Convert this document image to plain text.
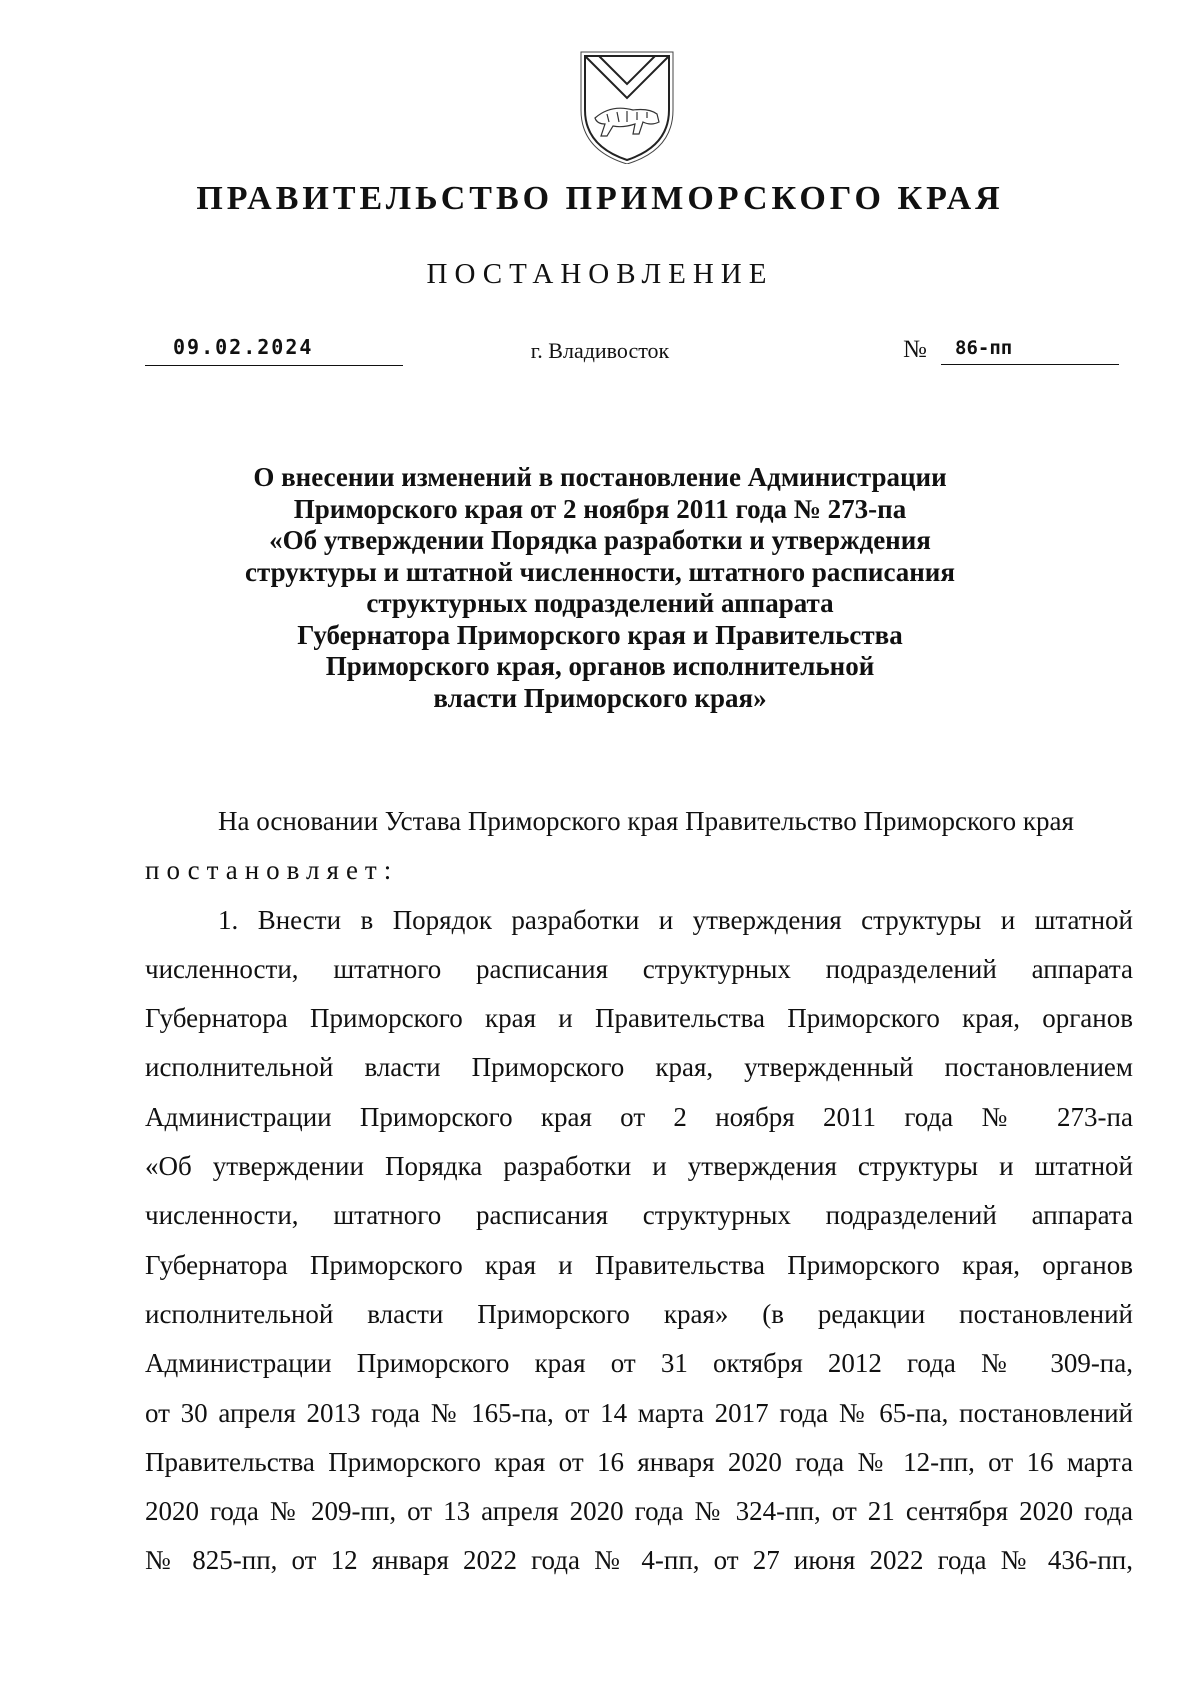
ПРАВИТЕЛЬСТВО ПРИМОРСКОГО КРАЯ
ПОСТАНОВЛЕНИЕ
09.02.2024	г. Владивосток	№ 86-пп
О внесении изменений в постановление Администрации
Приморского края от 2 ноября 2011 года № 273-па
«Об утверждении Порядка разработки и утверждения
структуры и штатной численности, штатного расписания
структурных подразделений аппарата
Губернатора Приморского края и Правительства
Приморского края, органов исполнительной
власти Приморского края»
На основании Устава Приморского края Правительство Приморского края
постановляет:
1. Внести в Порядок разработки и утверждения структуры и штатной
численности, штатного расписания структурных подразделений аппарата
Губернатора Приморского края и Правительства Приморского края, органов
исполнительной власти Приморского края, утвержденный постановлением
Администрации Приморского края от 2 ноября 2011 года № 273-па
«Об утверждении Порядка разработки и утверждения структуры и штатной
численности, штатного расписания структурных подразделений аппарата
Губернатора Приморского края и Правительства Приморского края, органов
исполнительной власти Приморского края» (в редакции постановлений
Администрации Приморского края от 31 октября 2012 года № 309-па,
от 30 апреля 2013 года № 165-па, от 14 марта 2017 года № 65-па, постановлений
Правительства Приморского края от 16 января 2020 года № 12-пп, от 16 марта
2020 года № 209-пп, от 13 апреля 2020 года № 324-пп, от 21 сентября 2020 года
№ 825-пп, от 12 января 2022 года № 4-пп, от 27 июня 2022 года № 436-пп,
